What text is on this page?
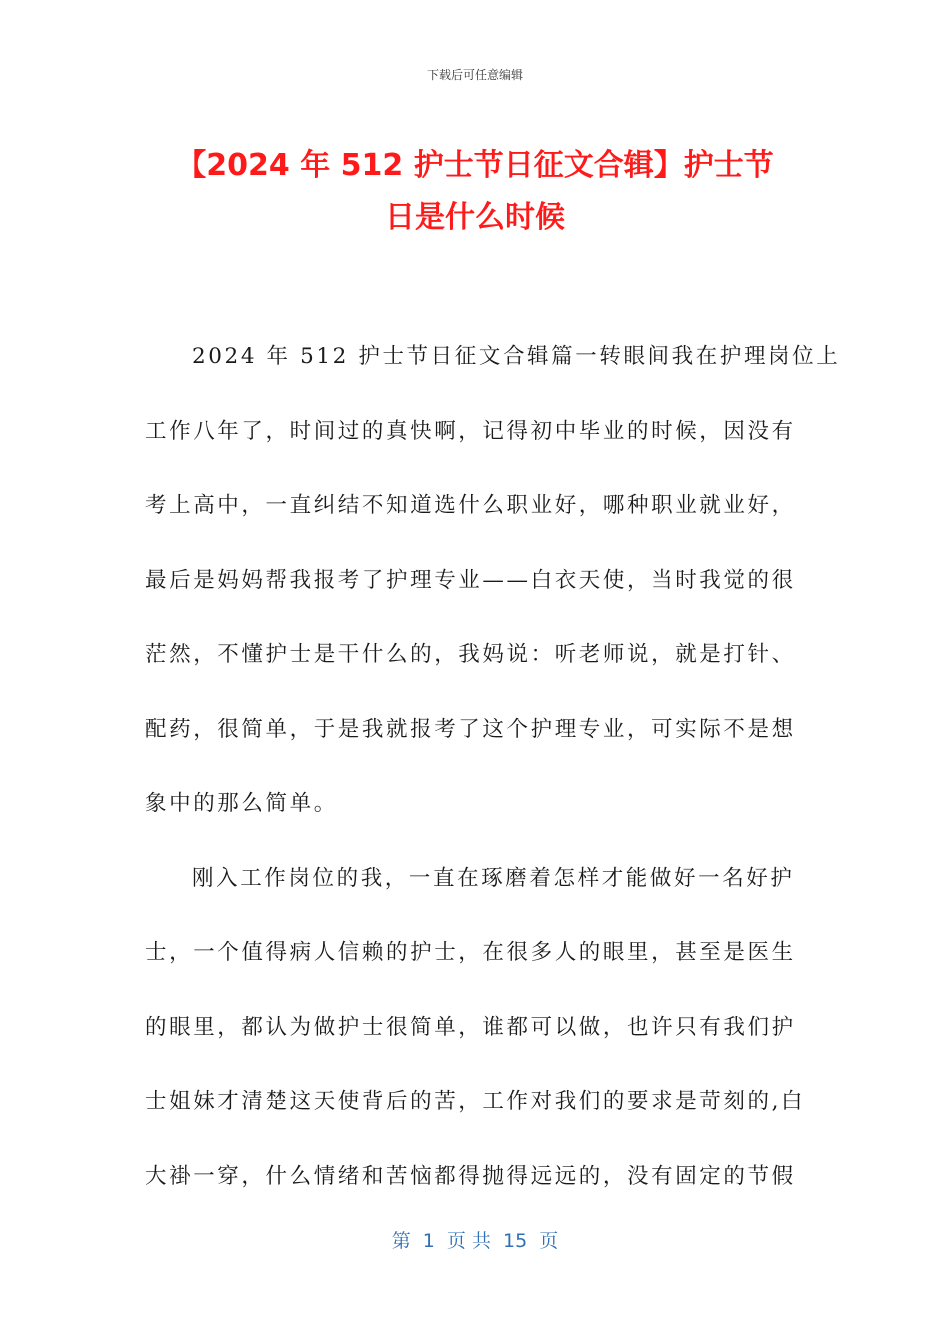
下载后可任意编辑
【2024 年 512 护士节日征文合辑】护士节
日是什么时候
2024 年 512 护士节日征文合辑篇一转眼间我在护理岗位上
工作八年了，时间过的真快啊，记得初中毕业的时候，因没有
考上高中，一直纠结不知道选什么职业好，哪种职业就业好，
最后是妈妈帮我报考了护理专业——白衣天使，当时我觉的很
茫然，不懂护士是干什么的，我妈说：听老师说，就是打针、
配药，很简单，于是我就报考了这个护理专业，可实际不是想
象中的那么简单。
刚入工作岗位的我，一直在琢磨着怎样才能做好一名好护
士，一个值得病人信赖的护士，在很多人的眼里，甚至是医生
的眼里，都认为做护士很简单，谁都可以做，也许只有我们护
士姐妹才清楚这天使背后的苦，工作对我们的要求是苛刻的,白
大褂一穿，什么情绪和苦恼都得抛得远远的，没有固定的节假
第  1  页 共  15  页
